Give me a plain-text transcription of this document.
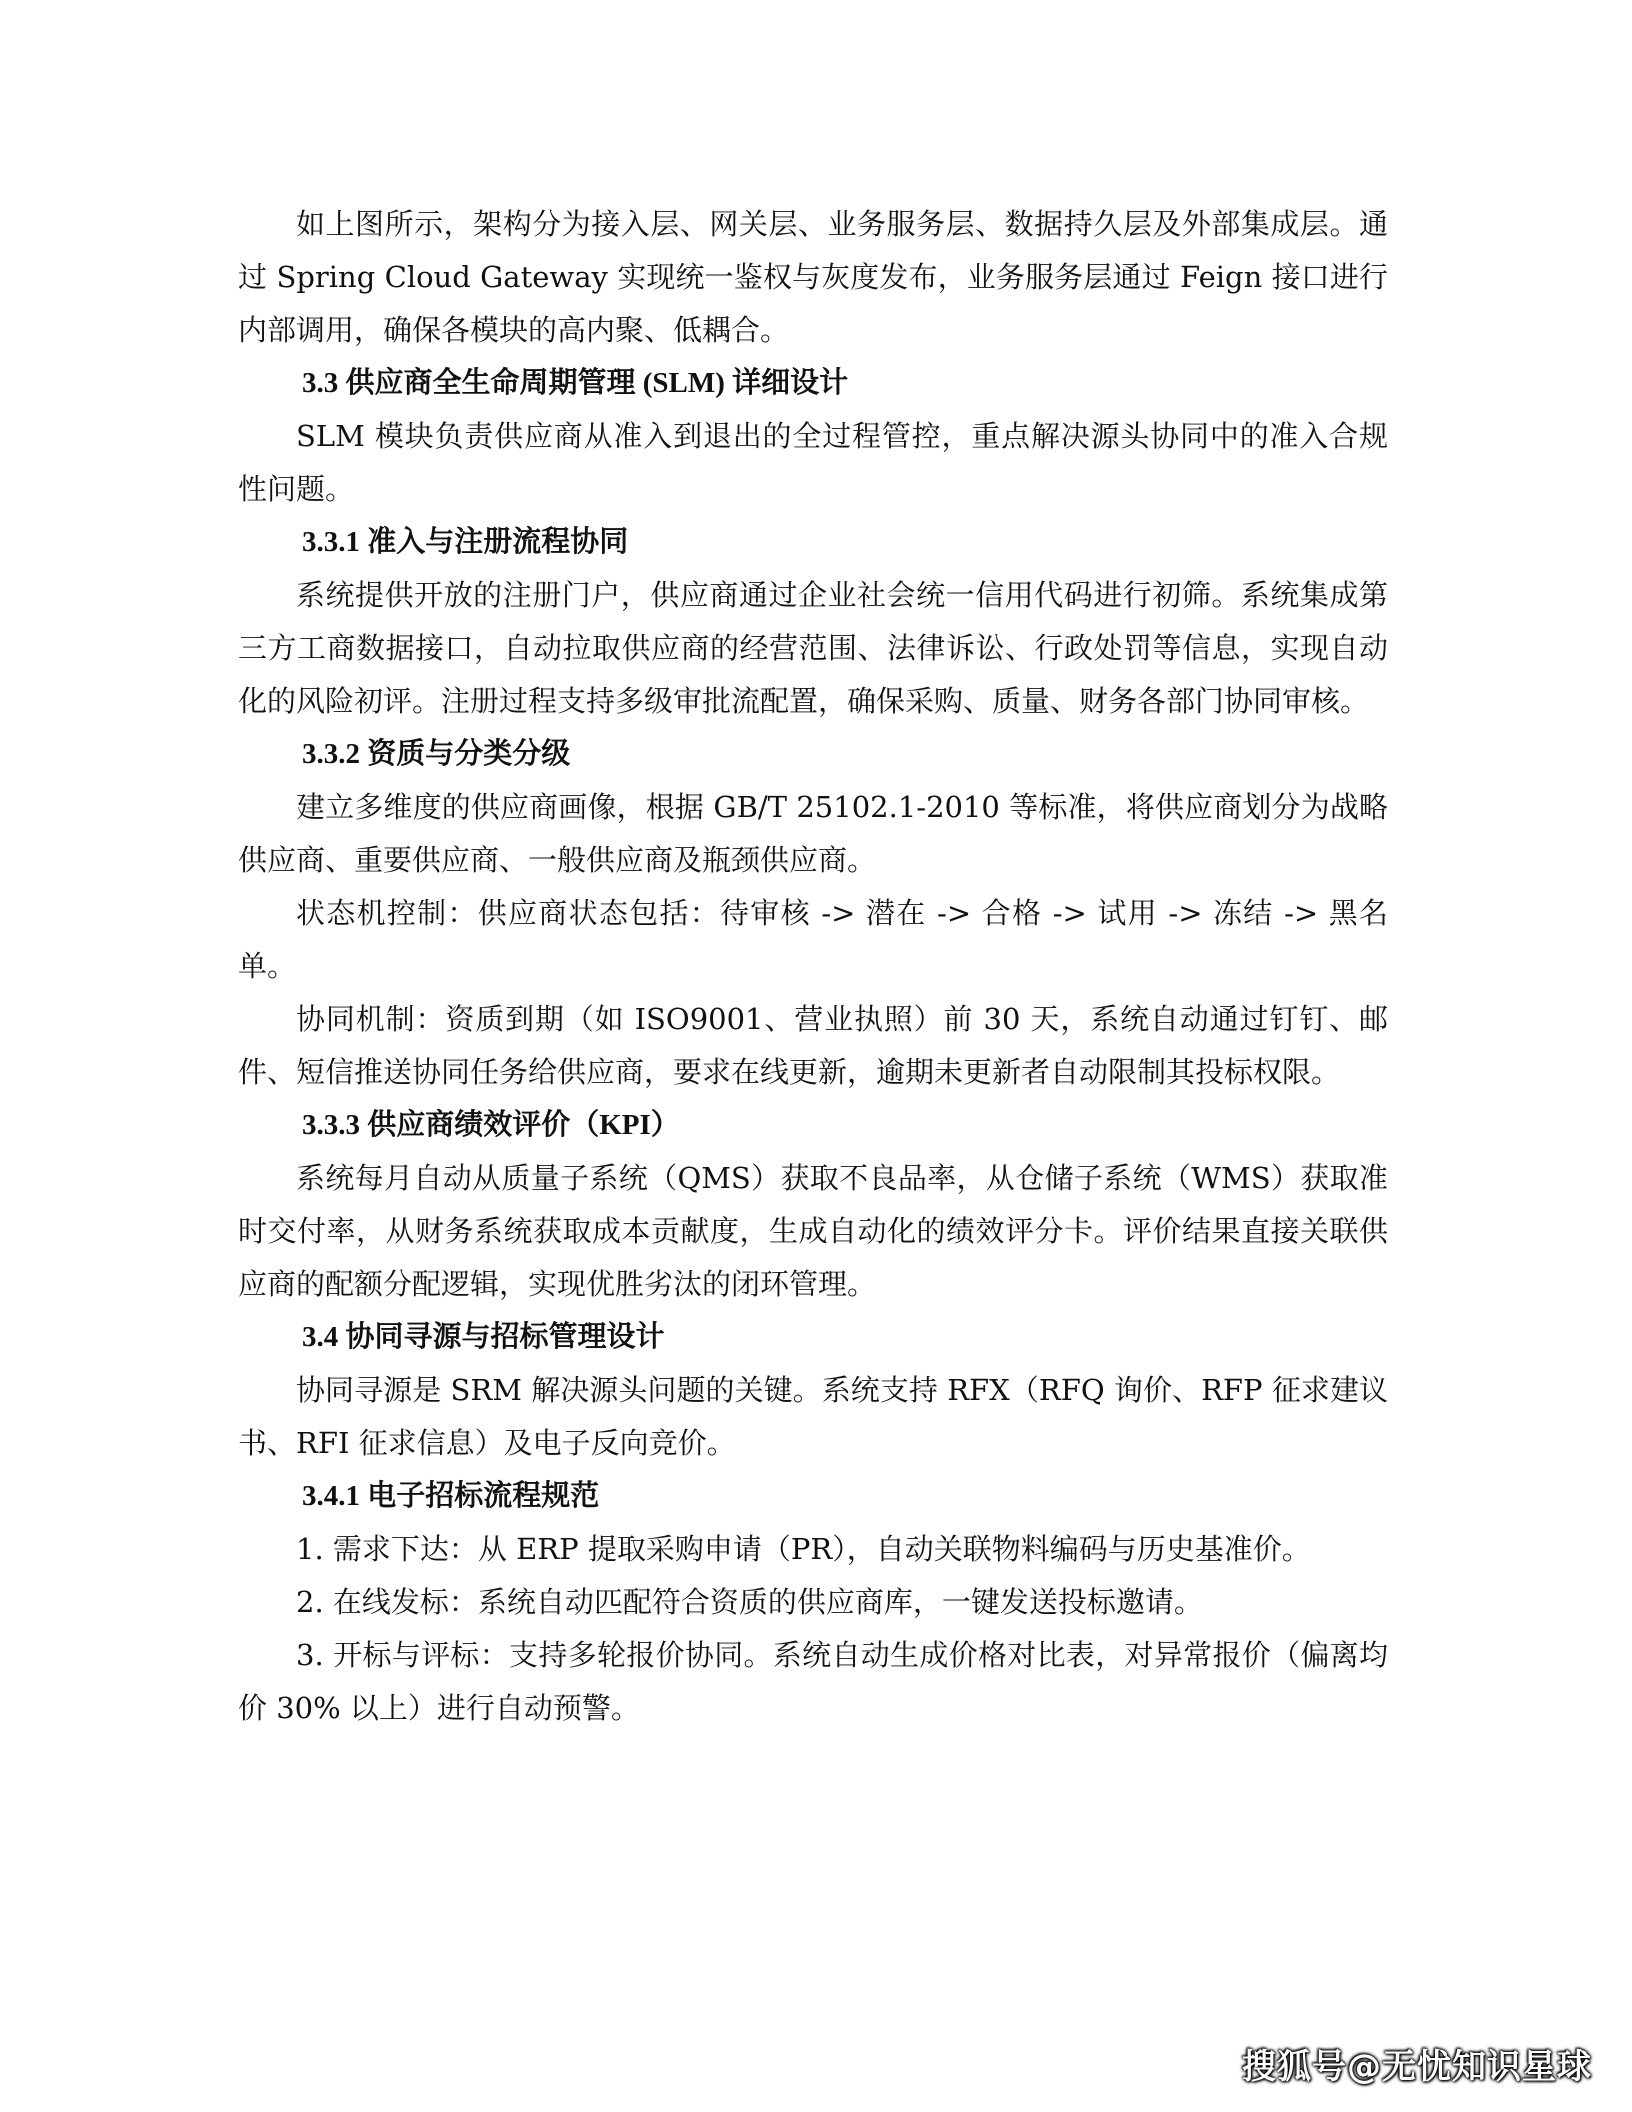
如上图所示，架构分为接入层、网关层、业务服务层、数据持久层及外部集成层。通过 Spring Cloud Gateway 实现统一鉴权与灰度发布，业务服务层通过 Feign 接口进行内部调用，确保各模块的高内聚、低耦合。

3.3 供应商全生命周期管理 (SLM) 详细设计

SLM 模块负责供应商从准入到退出的全过程管控，重点解决源头协同中的准入合规性问题。

3.3.1 准入与注册流程协同

系统提供开放的注册门户，供应商通过企业社会统一信用代码进行初筛。系统集成第三方工商数据接口，自动拉取供应商的经营范围、法律诉讼、行政处罚等信息，实现自动化的风险初评。注册过程支持多级审批流配置，确保采购、质量、财务各部门协同审核。

3.3.2 资质与分类分级

建立多维度的供应商画像，根据 GB/T 25102.1-2010 等标准，将供应商划分为战略供应商、重要供应商、一般供应商及瓶颈供应商。

状态机控制：供应商状态包括：待审核 -> 潜在 -> 合格 -> 试用 -> 冻结 -> 黑名单。

协同机制：资质到期（如 ISO9001、营业执照）前 30 天，系统自动通过钉钉、邮件、短信推送协同任务给供应商，要求在线更新，逾期未更新者自动限制其投标权限。

3.3.3 供应商绩效评价（KPI）

系统每月自动从质量子系统（QMS）获取不良品率，从仓储子系统（WMS）获取准时交付率，从财务系统获取成本贡献度，生成自动化的绩效评分卡。评价结果直接关联供应商的配额分配逻辑，实现优胜劣汰的闭环管理。

3.4 协同寻源与招标管理设计

协同寻源是 SRM 解决源头问题的关键。系统支持 RFX（RFQ 询价、RFP 征求建议书、RFI 征求信息）及电子反向竞价。

3.4.1 电子招标流程规范

1. 需求下达：从 ERP 提取采购申请（PR），自动关联物料编码与历史基准价。

2. 在线发标：系统自动匹配符合资质的供应商库，一键发送投标邀请。

3. 开标与评标：支持多轮报价协同。系统自动生成价格对比表，对异常报价（偏离均价 30% 以上）进行自动预警。

搜狐号@无忧知识星球
